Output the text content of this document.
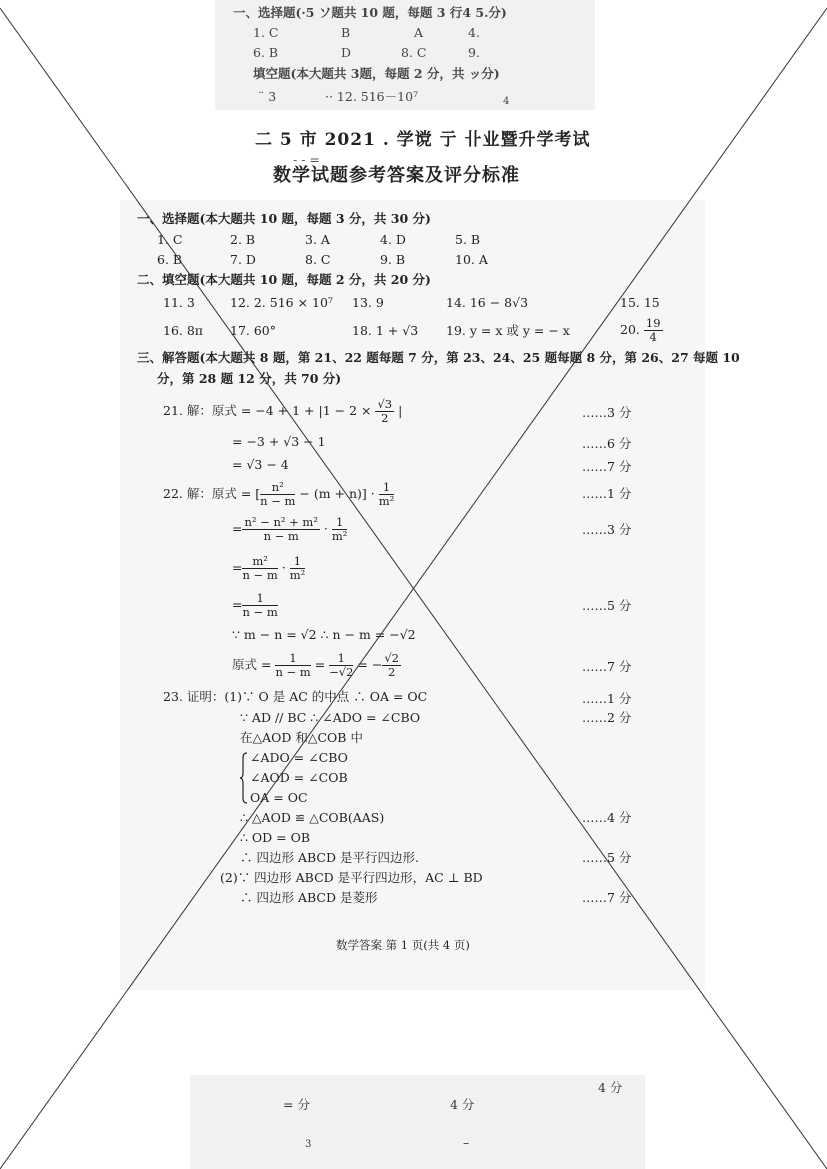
一、选择题(·5 ソ题共 10 题，每题 3 行4 5.分)
1. C	B	A	4.
6. B	D	8. C	9.
填空题(本大题共 3题，每题 2 分，共 ッ分)
¨ 3	·· 12. 516－10⁷	4
二 5 市 2021 . 学谠 亍 卝业暨升学考试
- - =
数学试题参考答案及评分标准
一、选择题(本大题共 10 题，每题 3 分，共 30 分)
1. C	2. B	3. A	4. D	5. B
6. B	7. D	8. C	9. B	10. A
二、填空题(本大题共 10 题，每题 2 分，共 20 分)
11. 3	12. 2. 516 × 10⁷ 13. 9	14. 16 − 8√3	15. 15
16. 8π 17. 60°	18. 1 + √3 19. y = x 或 y = − x	20. $\frac{19}{4}$
三、解答题(本大题共 8 题，第 21、22 题每题 7 分，第 23、24、25 题每题 8 分，第 26、27 每题 10
分，第 28 题 12 分，共 70 分)
21. 解：原式 = $-4 + 1 + |1 - 2 \times \frac{√3}{2}$ |	……3 分
= −3 + √3 − 1	……6 分
= √3 − 4	……7 分
22. 解：原式 = [ $\frac{\text{n²}}{n - m} - (m + n)] \cdot \frac{1}{\text{m²}}$	……1 分
= $\frac{\text{n² − n² + m²}}{n - m} \cdot \frac{1}{\text{m²}}$	……3 分
= $\frac{\text{m²}}{n - m} \cdot \frac{1}{\text{m²}}$
= $\frac{1}{n - m}$	……5 分
∵ m − n = √2 ∴ n − m = −√2
原式 = $\frac{1}{n - m} = \frac{1}{-√2}$ = − $\frac{√2}{2}$	……7 分
23. 证明：(1)∵ O 是 AC 的中点 ∴ OA = OC	……1 分
∵ AD // BC ∴ ∠ADO = ∠CBO	……2 分
在△AOD 和△COB 中
∠ADO = ∠CBO
∠AOD = ∠COB
OA = OC
∴ △AOD ≌ △COB(AAS)	……4 分
∴ OD = OB
∴ 四边形 ABCD 是平行四边形.	……5 分
(2)∵ 四边形 ABCD 是平行四边形，AC ⊥ BD
∴ 四边形 ABCD 是菱形	……7 分
数学答案 第 1 页(共 4 页)
4 分
= 分	4 分
3	–
